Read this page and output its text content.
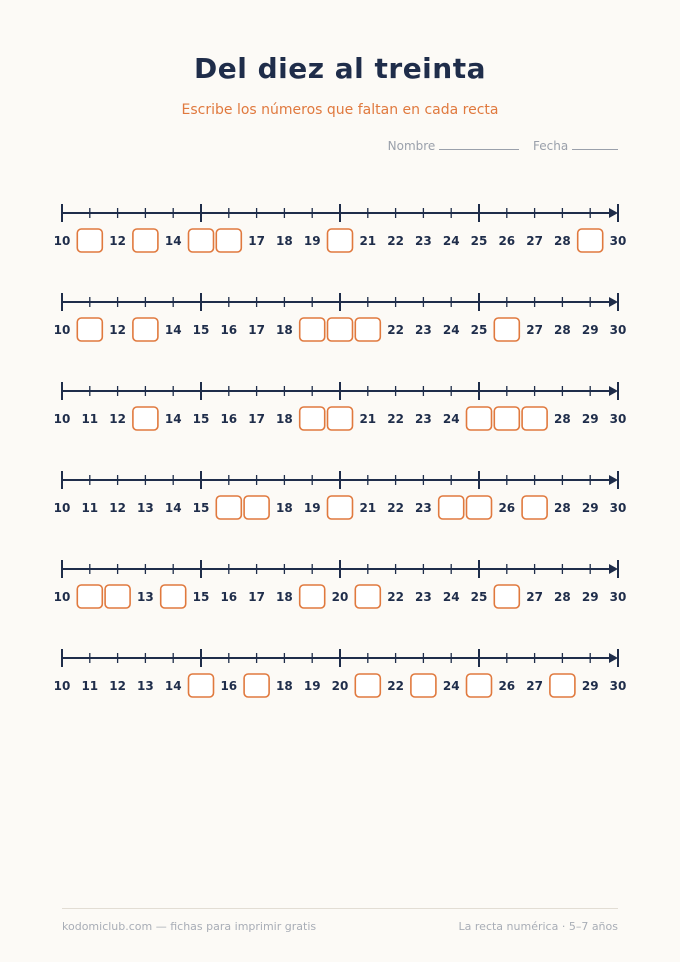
Del diez al treinta
Escribe los números que faltan en cada recta
Nombre	Fecha
10	12	14	17 18 19	21 22 23 24 25 26 27 28	30
10	12	14 15 16 17 18	22 23 24 25	27 28 29 30
10 11 12	14 15 16 17 18	21 22 23 24	28 29 30
10 11 12 13 14 15	18 19	21 22 23	26	28 29 30
10	13	15 16 17 18	20	22 23 24 25	27 28 29 30
10 11 12 13 14	16	18 19 20	22	24	26 27	29 30
kodomiclub.com — fichas para imprimir gratis	La recta numérica · 5–7 años
